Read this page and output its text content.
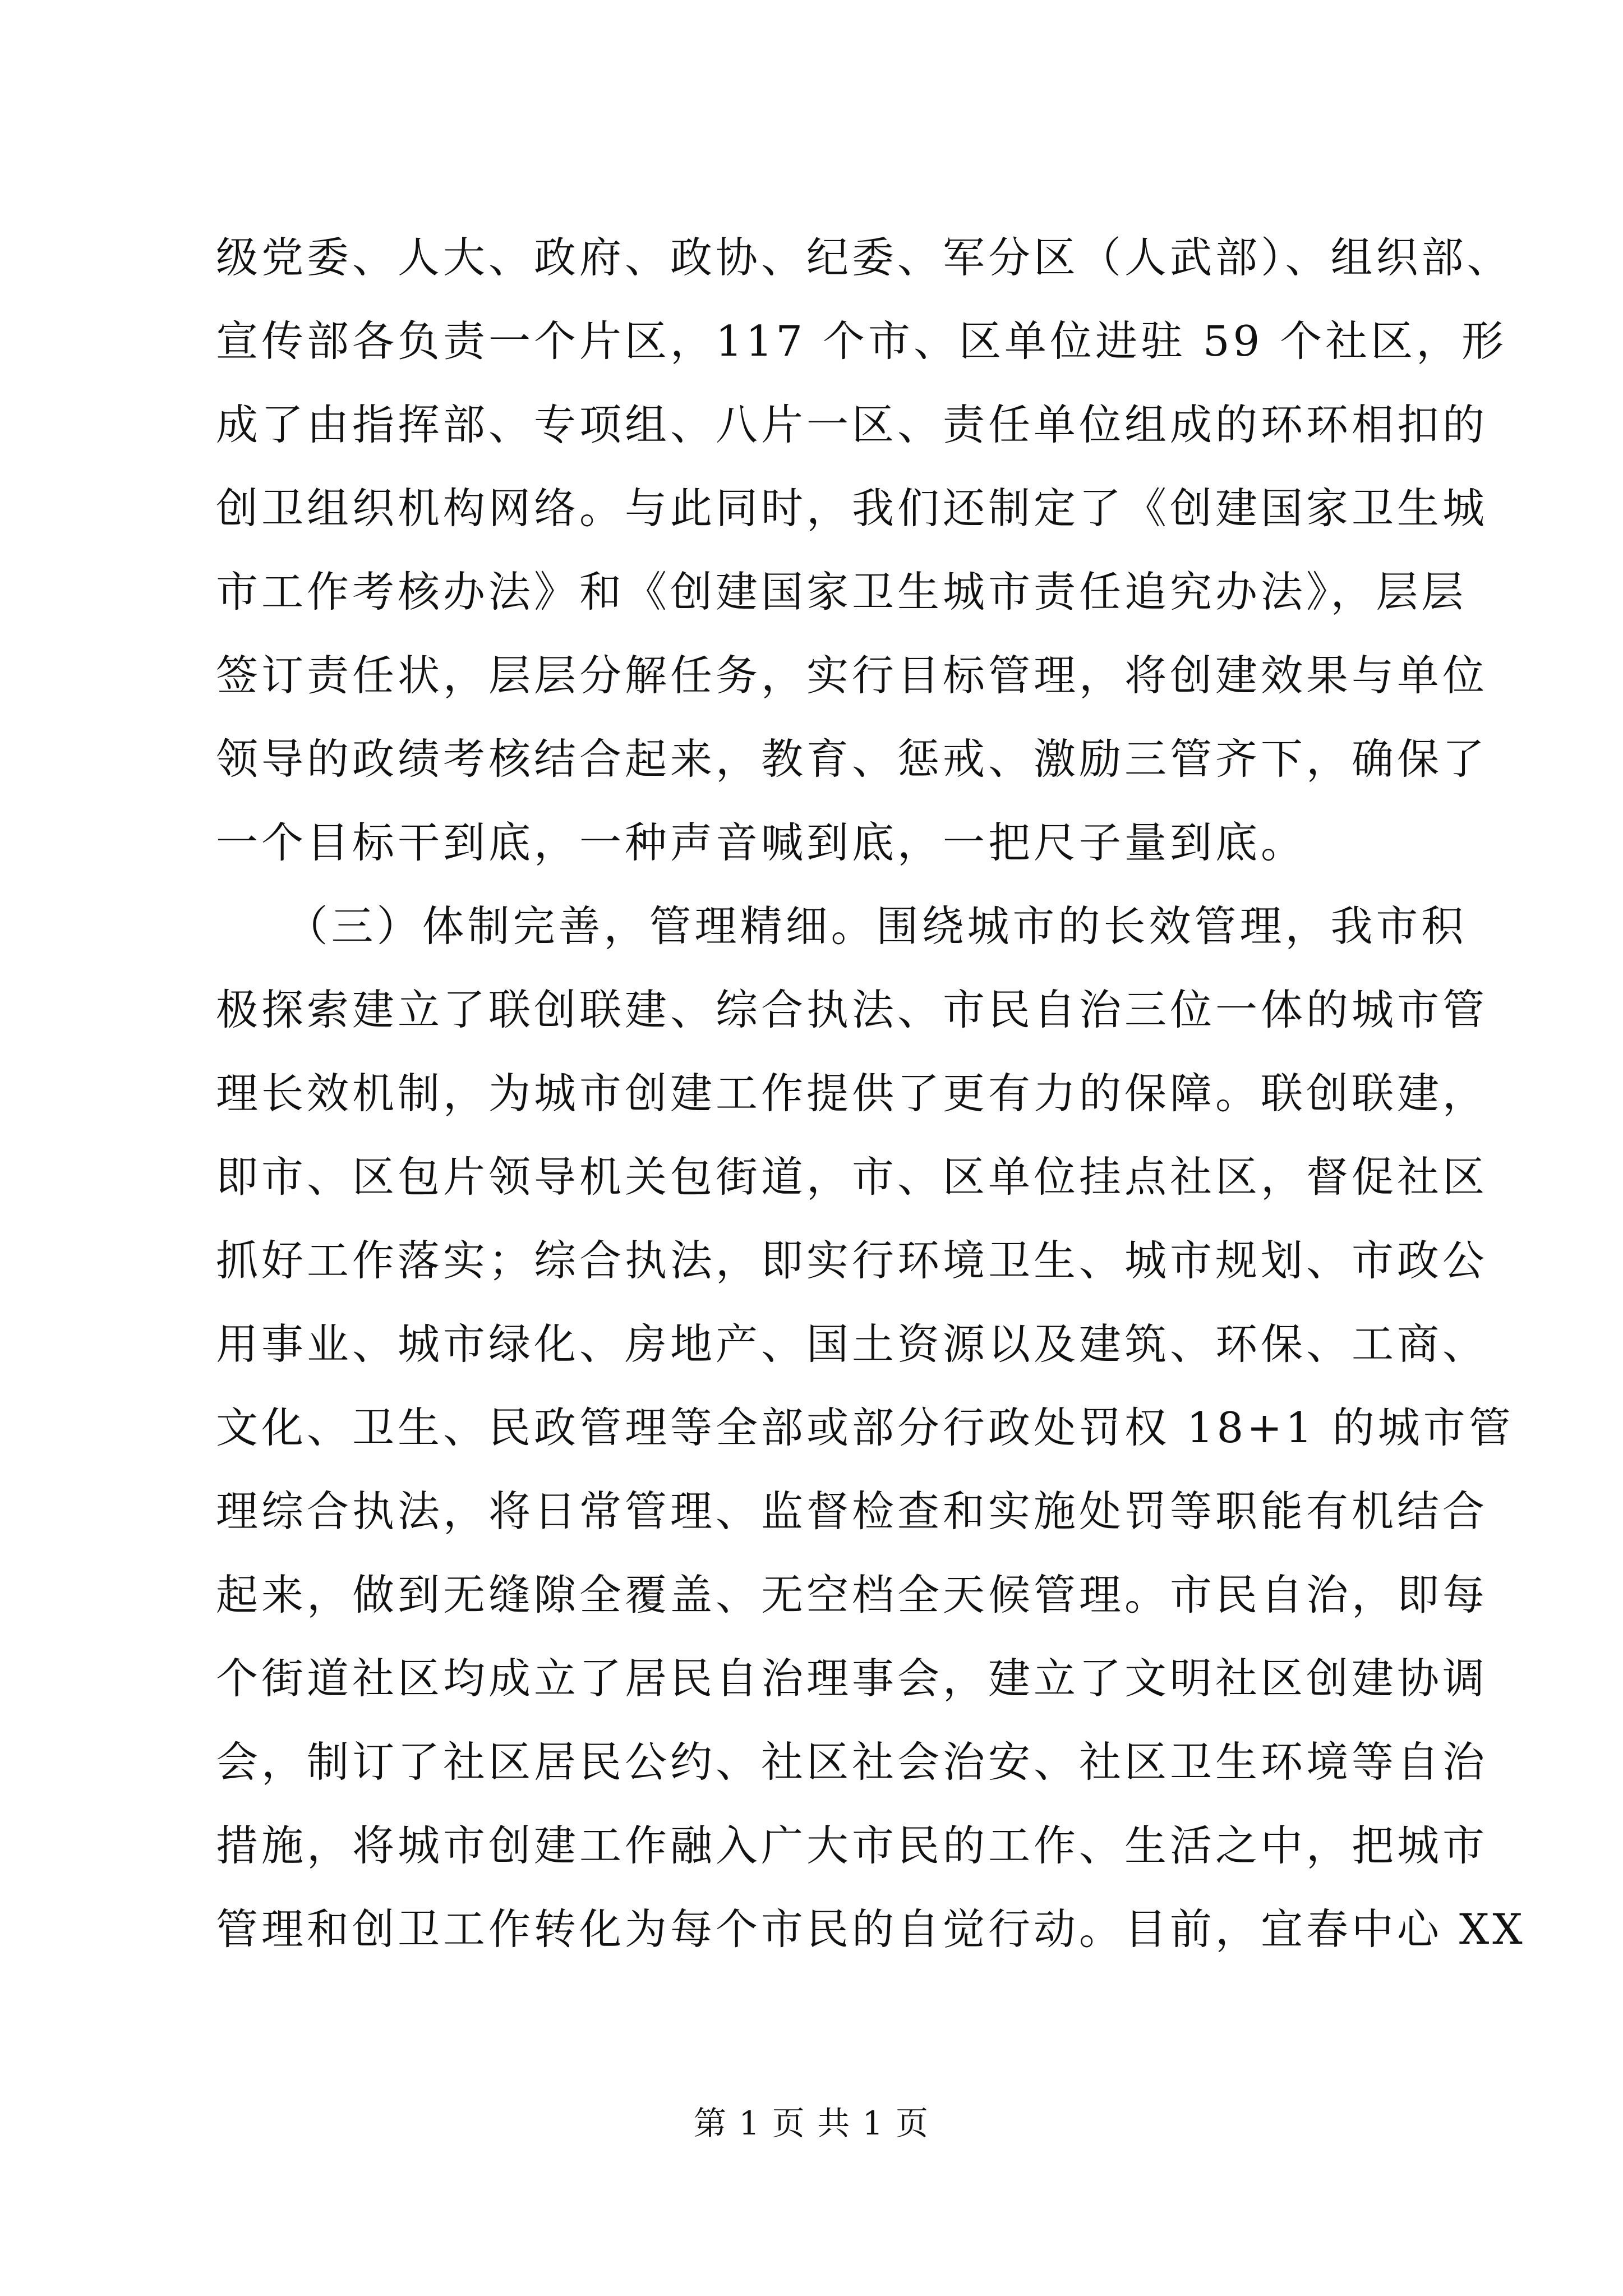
级党委、人大、政府、政协、纪委、军分区（人武部）、组织部、
宣传部各负责一个片区，117 个市、区单位进驻 59 个社区，形
成了由指挥部、专项组、八片一区、责任单位组成的环环相扣的
创卫组织机构网络。与此同时，我们还制定了《创建国家卫生城
市工作考核办法》和《创建国家卫生城市责任追究办法》，层层
签订责任状，层层分解任务，实行目标管理，将创建效果与单位
领导的政绩考核结合起来，教育、惩戒、激励三管齐下，确保了
一个目标干到底，一种声音喊到底，一把尺子量到底。
　　（三）体制完善，管理精细。围绕城市的长效管理，我市积
极探索建立了联创联建、综合执法、市民自治三位一体的城市管
理长效机制，为城市创建工作提供了更有力的保障。联创联建，
即市、区包片领导机关包街道，市、区单位挂点社区，督促社区
抓好工作落实；综合执法，即实行环境卫生、城市规划、市政公
用事业、城市绿化、房地产、国土资源以及建筑、环保、工商、
文化、卫生、民政管理等全部或部分行政处罚权 18+1 的城市管
理综合执法，将日常管理、监督检查和实施处罚等职能有机结合
起来，做到无缝隙全覆盖、无空档全天候管理。市民自治，即每
个街道社区均成立了居民自治理事会，建立了文明社区创建协调
会，制订了社区居民公约、社区社会治安、社区卫生环境等自治
措施，将城市创建工作融入广大市民的工作、生活之中，把城市
管理和创卫工作转化为每个市民的自觉行动。目前，宜春中心 XX
第 1 页 共 1 页
